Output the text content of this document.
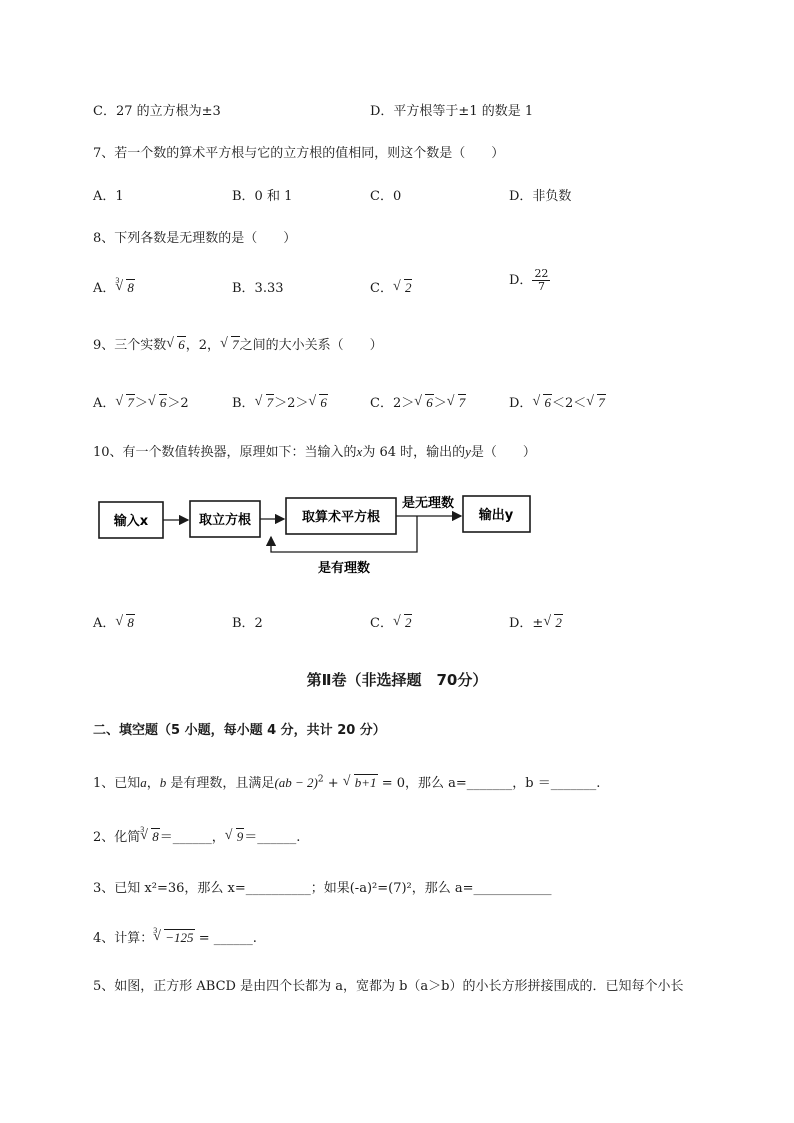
C．27 的立方根为±3	D．平方根等于±1 的数是 1
7、若一个数的算术平方根与它的立方根的值相同，则这个数是（　　）
A．1	B．0 和 1	C．0	D．非负数
8、下列各数是无理数的是（　　）
A．
√ 3 8	B．3.33	C． √ 2	D． $\frac{22}{7}$
9、三个实数 √ 6，2， √ 7之间的大小关系（　　）
A． √ 7＞ √ 6＞2	B． √ 7＞2＞ √ 6	C．2＞ √ 6＞ √ 7	D． √ 6＜2＜ √ 7
10、有一个数值转换器，原理如下：当输入的x为 64 时，输出的y是（　　）
输入x	取立方根	取算术平方根
是无理数
输出y
是有理数
A． √ 8	B．2	C． √ 2	D．± √ 2
第Ⅱ卷（非选择题　70分）
二、填空题（5 小题，每小题 4 分，共计 20 分）
1、已知a，b 是有理数，且满足(ab − 2)$^2$ + √ b+1 = 0，那么 a=_______，b ＝_______.
2、化简
√ 3 8＝______， √ 9＝______.
3、已知 x²=36，那么 x=__________；如果(-a)²=(7)²，那么 a=____________
4、计算：
√ 3 −125 = ______.
5、如图，正方形 ABCD 是由四个长都为 a，宽都为 b（a＞b）的小长方形拼接围成的．已知每个小长
